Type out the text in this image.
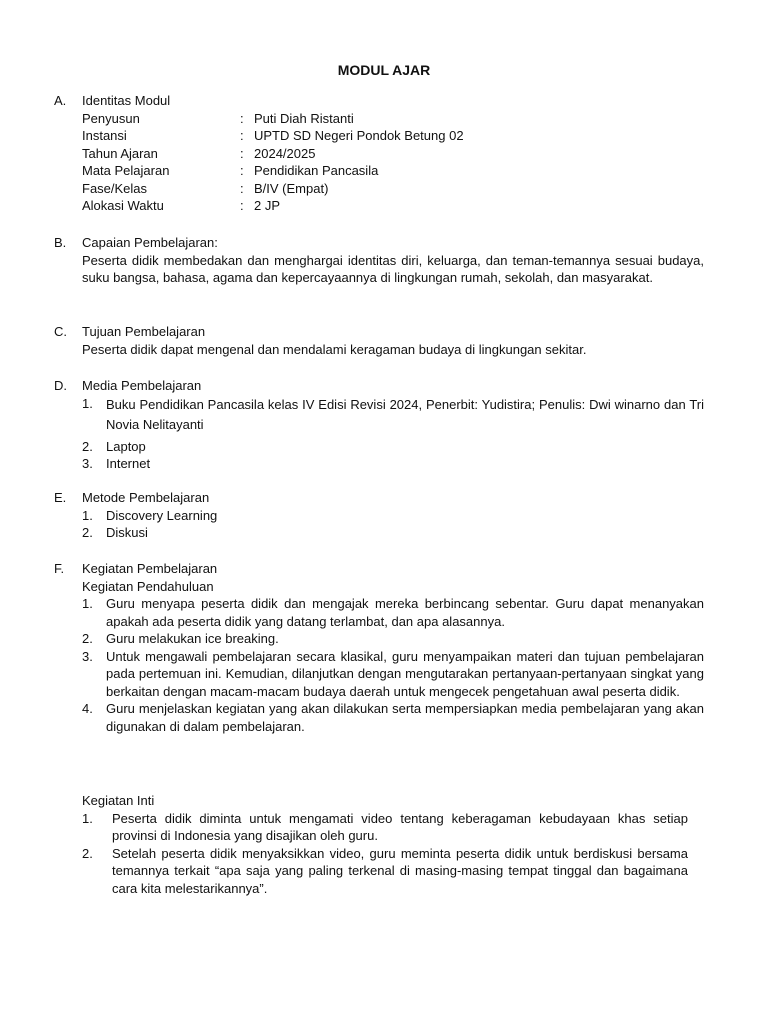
MODUL AJAR
A.	Identitas Modul
Penyusun	: Puti Diah Ristanti
Instansi	: UPTD SD Negeri Pondok Betung 02
Tahun Ajaran	: 2024/2025
Mata Pelajaran	: Pendidikan Pancasila
Fase/Kelas	: B/IV (Empat)
Alokasi Waktu	: 2 JP
B.	Capaian Pembelajaran:
Peserta didik membedakan dan menghargai identitas diri, keluarga, dan teman-temannya sesuai budaya, suku bangsa, bahasa, agama dan kepercayaannya di lingkungan rumah, sekolah, dan masyarakat.
C.	Tujuan Pembelajaran
Peserta didik dapat mengenal dan mendalami keragaman budaya di lingkungan sekitar.
D.	Media Pembelajaran
1.	Buku Pendidikan Pancasila kelas IV Edisi Revisi 2024, Penerbit: Yudistira; Penulis: Dwi winarno dan Tri Novia Nelitayanti
2.	Laptop
3.	Internet
E.	Metode Pembelajaran
1.	Discovery Learning
2.	Diskusi
F.	Kegiatan Pembelajaran
Kegiatan Pendahuluan
1.	Guru menyapa peserta didik dan mengajak mereka berbincang sebentar. Guru dapat menanyakan apakah ada peserta didik yang datang terlambat, dan apa alasannya.
2.	Guru melakukan ice breaking.
3.	Untuk mengawali pembelajaran secara klasikal, guru menyampaikan materi dan tujuan pembelajaran pada pertemuan ini. Kemudian, dilanjutkan dengan mengutarakan pertanyaan-pertanyaan singkat yang berkaitan dengan macam-macam budaya daerah untuk mengecek pengetahuan awal peserta didik.
4.	Guru menjelaskan kegiatan yang akan dilakukan serta mempersiapkan media pembelajaran yang akan digunakan di dalam pembelajaran.
Kegiatan Inti
1.	Peserta didik diminta untuk mengamati video tentang keberagaman kebudayaan khas setiap provinsi di Indonesia yang disajikan oleh guru.
2.	Setelah peserta didik menyaksikkan video, guru meminta peserta didik untuk berdiskusi bersama temannya terkait “apa saja yang paling terkenal di masing-masing tempat tinggal dan bagaimana cara kita melestarikannya”.
